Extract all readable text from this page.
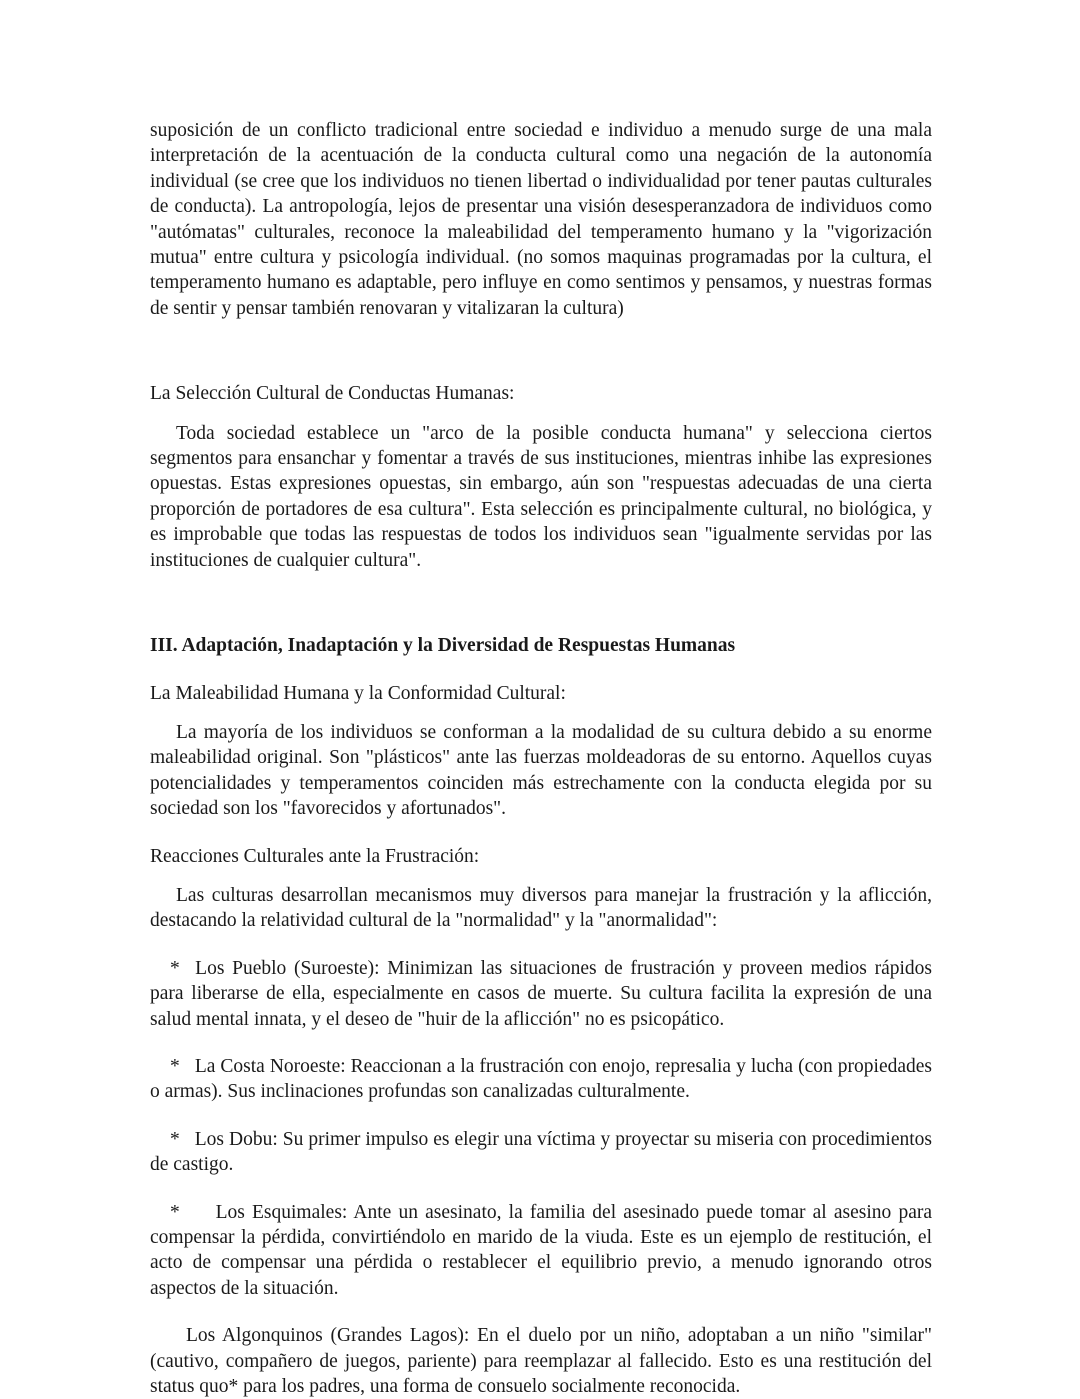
suposición de un conflicto tradicional entre sociedad e individuo a menudo surge de una mala interpretación de la acentuación de la conducta cultural como una negación de la autonomía individual (se cree que los individuos no tienen libertad o individualidad por tener pautas culturales de conducta). La antropología, lejos de presentar una visión desesperanzadora de individuos como "autómatas" culturales, reconoce la maleabilidad del temperamento humano y la "vigorización mutua" entre cultura y psicología individual. (no somos maquinas programadas por la cultura, el temperamento humano es adaptable, pero influye en como sentimos y pensamos, y nuestras formas de sentir y pensar también renovaran y vitalizaran la cultura)

La Selección Cultural de Conductas Humanas:

Toda sociedad establece un "arco de la posible conducta humana" y selecciona ciertos segmentos para ensanchar y fomentar a través de sus instituciones, mientras inhibe las expresiones opuestas. Estas expresiones opuestas, sin embargo, aún son "respuestas adecuadas de una cierta proporción de portadores de esa cultura". Esta selección es principalmente cultural, no biológica, y es improbable que todas las respuestas de todos los individuos sean "igualmente servidas por las instituciones de cualquier cultura".

III. Adaptación, Inadaptación y la Diversidad de Respuestas Humanas

La Maleabilidad Humana y la Conformidad Cultural:

La mayoría de los individuos se conforman a la modalidad de su cultura debido a su enorme maleabilidad original. Son "plásticos" ante las fuerzas moldeadoras de su entorno. Aquellos cuyas potencialidades y temperamentos coinciden más estrechamente con la conducta elegida por su sociedad son los "favorecidos y afortunados".

Reacciones Culturales ante la Frustración:

Las culturas desarrollan mecanismos muy diversos para manejar la frustración y la aflicción, destacando la relatividad cultural de la "normalidad" y la "anormalidad":

* Los Pueblo (Suroeste): Minimizan las situaciones de frustración y proveen medios rápidos para liberarse de ella, especialmente en casos de muerte. Su cultura facilita la expresión de una salud mental innata, y el deseo de "huir de la aflicción" no es psicopático.

* La Costa Noroeste: Reaccionan a la frustración con enojo, represalia y lucha (con propiedades o armas). Sus inclinaciones profundas son canalizadas culturalmente.

* Los Dobu: Su primer impulso es elegir una víctima y proyectar su miseria con procedimientos de castigo.

* Los Esquimales: Ante un asesinato, la familia del asesinado puede tomar al asesino para compensar la pérdida, convirtiéndolo en marido de la viuda. Este es un ejemplo de restitución, el acto de compensar una pérdida o restablecer el equilibrio previo, a menudo ignorando otros aspectos de la situación.

Los Algonquinos (Grandes Lagos): En el duelo por un niño, adoptaban a un niño "similar" (cautivo, compañero de juegos, pariente) para reemplazar al fallecido. Esto es una restitución del status quo* para los padres, una forma de consuelo socialmente reconocida.
